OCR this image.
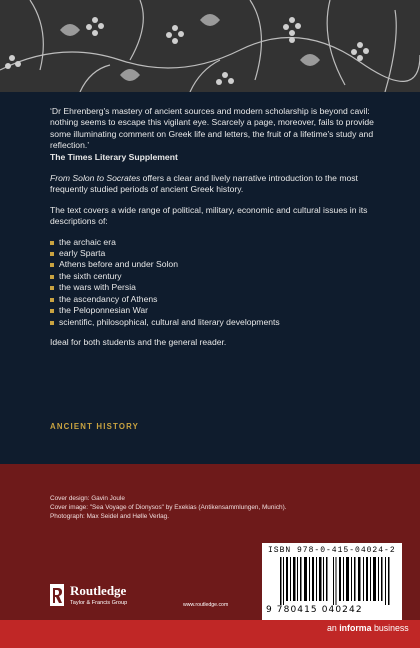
‘Dr Ehrenberg's mastery of ancient sources and modern scholarship is beyond cavil: nothing seems to escape this vigilant eye. Scarcely a page, moreover, fails to provide some illuminating comment on Greek life and letters, the fruit of a lifetime's study and reflection.’

The Times Literary Supplement

From Solon to Socrates offers a clear and lively narrative introduction to the most frequently studied periods of ancient Greek history.

The text covers a wide range of political, military, economic and cultural issues in its descriptions of:

the archaic era
early Sparta
Athens before and under Solon
the sixth century
the wars with Persia
the ascendancy of Athens
the Peloponnesian War
scientific, philosophical, cultural and literary developments

Ideal for both students and the general reader.

ANCIENT HISTORY
Cover design: Gavin Joule
Cover image: "Sea Voyage of Dionysos" by Exekias (Antikensammlungen, Munich).
Photograph: Max Seidel and Hølle Verlag.
Routledge
Taylor & Francis Group	www.routledge.com
ISBN 978-0-415-04024-2
9 780415 040242
an informa business
